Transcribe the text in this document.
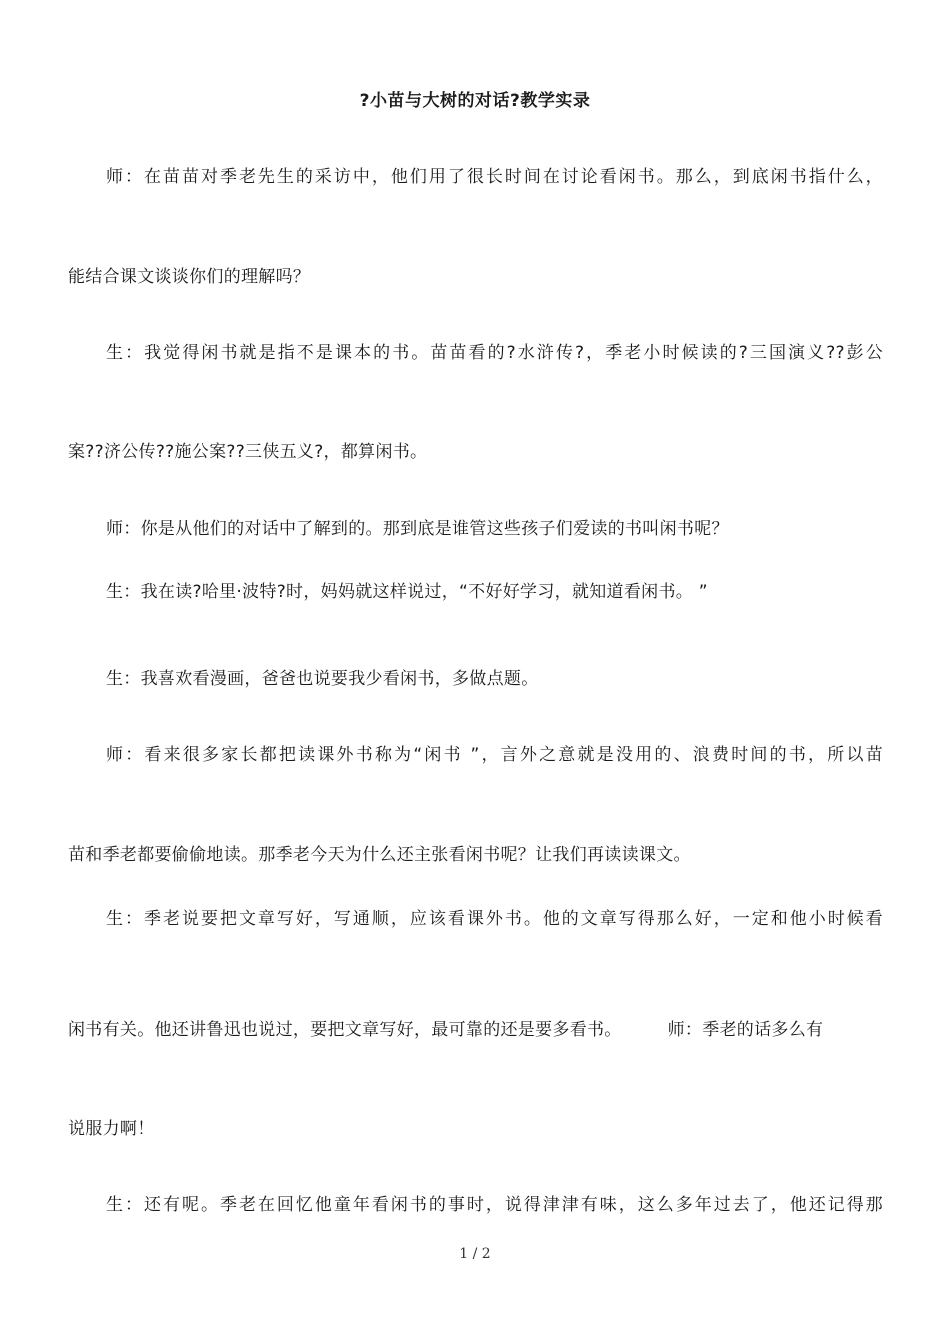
?小苗与大树的对话?教学实录
师：在苗苗对季老先生的采访中，他们用了很长时间在讨论看闲书。那么，到底闲书指什么，
能结合课文谈谈你们的理解吗？
生：我觉得闲书就是指不是课本的书。苗苗看的?水浒传?，季老小时候读的?三国演义??彭公
案??济公传??施公案??三侠五义?，都算闲书。
师：你是从他们的对话中了解到的。那到底是谁管这些孩子们爱读的书叫闲书呢？
生：我在读?哈里·波特?时，妈妈就这样说过，“不好好学习，就知道看闲书。 ”
生：我喜欢看漫画，爸爸也说要我少看闲书，多做点题。
师：看来很多家长都把读课外书称为“闲书 ”，言外之意就是没用的、浪费时间的书，所以苗
苗和季老都要偷偷地读。那季老今天为什么还主张看闲书呢？让我们再读读课文。
生：季老说要把文章写好，写通顺，应该看课外书。他的文章写得那么好，一定和他小时候看
闲书有关。他还讲鲁迅也说过，要把文章写好，最可靠的还是要多看书。	师：季老的话多么有
说服力啊！
生：还有呢。季老在回忆他童年看闲书的事时，说得津津有味，这么多年过去了，他还记得那
1 / 2
